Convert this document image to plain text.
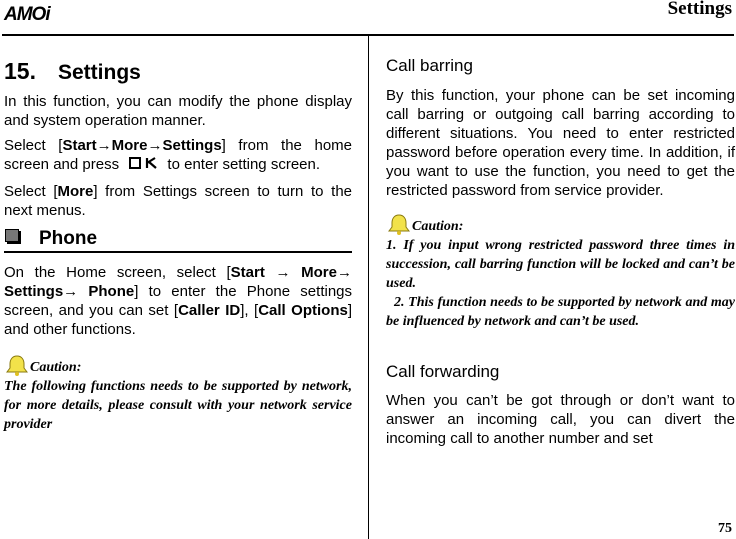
AMOi	Settings
15. Settings

In this function, you can modify the phone display and system operation manner.

Select [Start→More→Settings] from the home screen and press	to enter setting screen.

Select [More] from Settings screen to turn to the next menus.

Phone

On the Home screen, select [Start → More→ Settings→ Phone] to enter the Phone settings screen, and you can set [Caller ID], [Call Options] and other functions.

Caution:

The following functions needs to be supported by network, for more details, please consult with your network service provider

Call barring

By this function, your phone can be set incoming call barring or outgoing call barring according to different situations. You need to enter restricted password before operation every time. In addition, if you want to use the function, you need to get the restricted password from service provider.

Caution:

1. If you input wrong restricted password three times in succession, call barring function will be locked and can’t be used.

2. This function needs to be supported by network and may be influenced by network and can’t be used.

Call forwarding

When you can’t be got through or don’t want to answer an incoming call, you can divert the incoming call to another number and set

75
